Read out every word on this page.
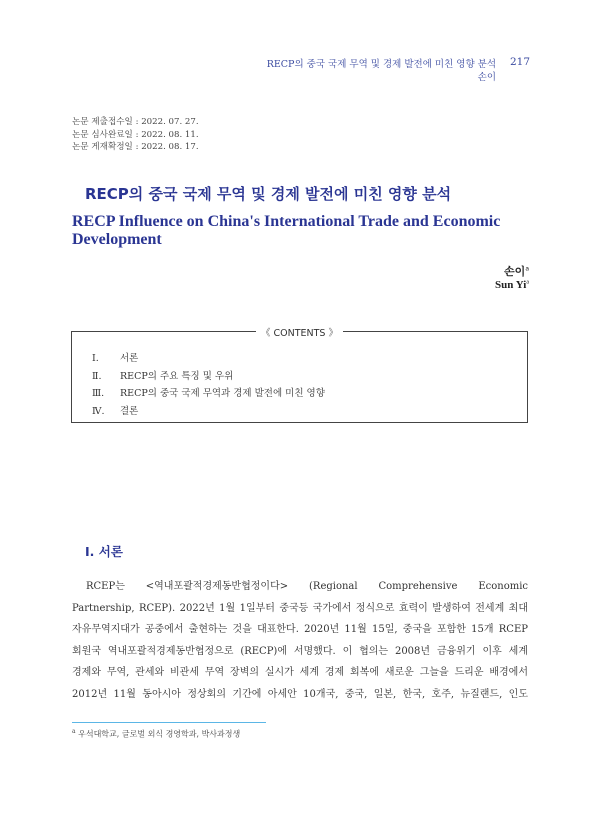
RECP의 중국 국제 무역 및 경제 발전에 미친 영향 분석
손이
217
논문 제출접수일 : 2022. 07. 27.
논문 심사완료일 : 2022. 08. 11.
논문 게재확정일 : 2022. 08. 17.
RECP의 중국 국제 무역 및 경제 발전에 미친 영향 분석
RECP Influence on China's International Trade and Economic Development
손이$^a$
Sun Yi$^a$
《 CONTENTS 》
Ⅰ. 서론
Ⅱ. RECP의 주요 특징 및 우위
Ⅲ. RECP의 중국 국제 무역과 경제 발전에 미친 영향
Ⅳ. 결론
Ⅰ. 서론
RCEP는 <역내포괄적경제동반협정이다> (Regional Comprehensive Economic
Partnership, RCEP). 2022년 1월 1일부터 중국등 국가에서 정식으로 효력이 발생하여 전세계 최대
자유무역지대가 공중에서 출현하는 것을 대표한다. 2020년 11월 15일, 중국을 포함한 15개 RCEP
회원국 역내포괄적경제동반협정으로 (RECP)에 서명했다. 이 협의는 2008년 금융위기 이후 세계
경제와 무역, 관세와 비관세 무역 장벽의 실시가 세계 경제 회복에 새로운 그늘을 드리운 배경에서
2012년 11월 동아시아 정상회의 기간에 아세안 10개국, 중국, 일본, 한국, 호주, 뉴질랜드, 인도
$^a$ 우석대학교, 글로벌 외식 경영학과, 박사과정생
